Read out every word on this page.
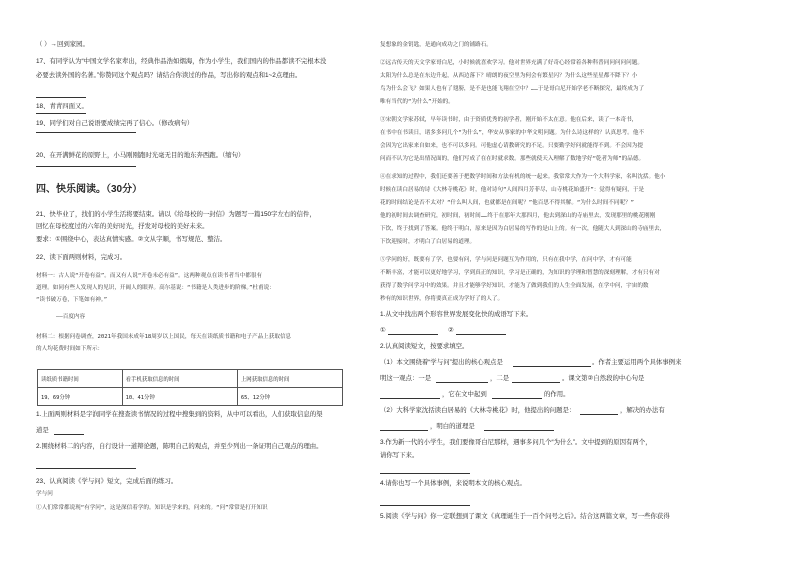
（ ）→回到家园。
17、有同学认为“中国文学名家辈出，经典作品浩如烟海，作为小学生，我们国内的作品都读不完根本没
必要去读外国的名著。”你赞同这个观点吗？请结合你读过的作品，写出你的观点和1~2点理由。
18、青青四面又。
19、同学们对自己说语要成绩完再了信心。（修改病句）
20、在开满鲜花的原野上，小马刚刚跑时光毫无目的地东奔西跑。（缩句）
四、快乐阅读。（30分）
21、快毕业了，找们的小学生活将要结束。请以《给母校的一封信》为题写一篇150字左右的信件，
回忆在母校度过的六年的美好时光，抒发对母校的美好未来。
要求：①围绕中心，表达真情实感。②文从字顺，书写规范、整洁。
22、读下面两则材料，完成习。
材料一：古人说“开卷有益”。而又有人说“开卷未必有益”。这两种观点在读书者当中都很有
道理。如同有些人发现人的见识，开阔人的眼界。高尔基说：“书籍是人类进步的阶梯。”杜甫说：
“读书破万卷，下笔如有神。”
——百度内容
材料二：根据问卷调查，2021年我国未成年18周岁以上国民，每天在读纸质书籍和电子产品上获取信息
的人均花费时间如下所示：
1.上面两则材料是宇润同学在搜查读书情况的过程中搜集到的资料，从中可以看出，人们获取信息的渠
道是
2.围绕材料二的内容，自行设计一道辩论题，陈明自己的观点，并至少列出一条证明自己观点的理由。
23、认真阅读《学与问》短文，完成后面的练习。
学与问
①人们常常都说现“有学问”，这是深信着学的。知识是学来的，问来的。“问”常常是打开知识
读纸质书籍时间	看手机获取信息的时间	上网获取信息的时间
19、69分钟	10、41分钟	65、12分钟
复想象的金钥匙，是通向成功之门的铺路石。
②远古传天的天文学家哥白尼，小时候就喜欢学习。他对世界充满了好奇心经常着各种科普同问问问问题。
太阳为什么总是在东边升起，从西边落下？晴朗的夜空里为何会有繁星闪？为什么这些星星都不降下？小
鸟为什么会飞？如果人也有了翅膀，是不是也能飞翔在空中？……于是哥白尼开始学老不断探究，最终成为了
唯有当代的“为什么”开始的。
③宋朝文学家苏轼，早年读书时，由于资质优秀的初学者，刚开始不太在意。他在后来，读了一本奇书，
在书中在书读日，诸多多问几个“为什么”，华安从事家的中华文明问题。为什么诗这样的？认真思考。他不
会因为它出家来自如来，也不可以多问。可他虚心请教研究的不足。只要勤学好问就能得不到。不会因为提
问而不认为它是出情况面的，他们写成了在在时就求数。那些就使天入理解了数地学好“乾者为师”的品德。
④在求知的过程中，我们还要善于把数学时间和方法有机的统一起来。我常常大作为一个大科学家，名叫沈括。他小
时候在读白居易的诗《大林寺桃花》时，他对诗句“人间四月芳菲尽，山寺桃花始盛开”：觉得有疑问，于是
花的时间结论是否不太对？“什么叫人间，也就都是在间呢？”他百思不得其解。“为什么时间不同呢？”
他的初时间去调查研究，初时间，初时间……终于在那年大那四月，他去到深山的寺庙里去，发现那里的桃花刚刚
下饮，终于找到了答案。他终于明白，原来是因为白居易的写作的是山上的。有一次，他随大人到深山的寺庙里去，
下饮迎接时，才明白了白居易的道理。
⑤学问的好，既要有了学，也要有问，学与问是问题互为作用的，只有在我中学，在问中学，才有可能
不断丰富，才能可以更好地学习，学到真正的知识，学习是正确的，为知识的学理和智慧的深刻理解，才有只有对
获得了数学问学习中的效果。并且才能够学好知识，才能为了做到我们的人生全面发展，在学中问，宇宙的数
秒有的知识世界，你将要真正成为学好了的人了。
1.从文中找出两个形容世界发展变化快的成语写下来。
①	②
2.认真阅读短文，按要求填空。
（1）本文围绕着“学与问”提出的核心观点是	。作者主要运用两个具体事例来
明这一观点：一是	，二是	。课文第②自然段的中心句是
，它在文中起到	的作用。
（2）大科学家沈括读白居易的《大林寺桃花》时，他提出的问题是：	，解决的办法有
，明白的道理是
3.作为新一代的小学生，我们要像哥白尼那样，遇事多问几个“为什么”。文中提到的原因有两个，
请你写下来。
4.请你也写一个具体事例，来说明本文的核心观点。
5.阅读《学与问》你一定联想到了课文《真理诞生于一百个问号之后》。结合这两篇文章，写一些你获得
